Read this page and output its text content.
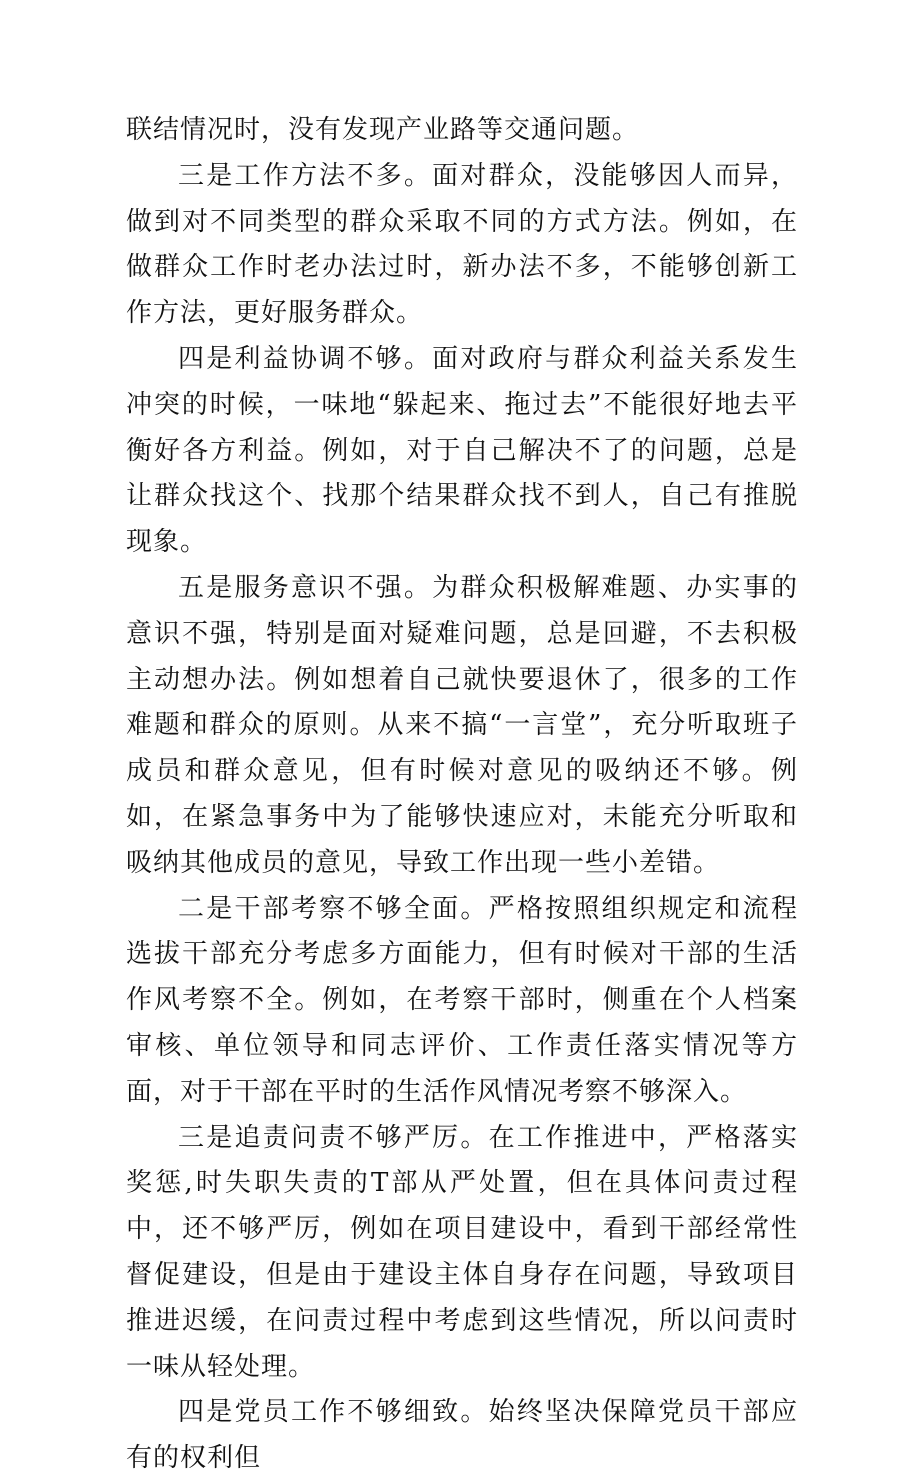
联结情况时，没有发现产业路等交通问题。

三是工作方法不多。面对群众，没能够因人而异，做到对不同类型的群众采取不同的方式方法。例如，在做群众工作时老办法过时，新办法不多，不能够创新工作方法，更好服务群众。

四是利益协调不够。面对政府与群众利益关系发生冲突的时候，一味地“躲起来、拖过去”不能很好地去平衡好各方利益。例如，对于自己解决不了的问题，总是让群众找这个、找那个结果群众找不到人，自己有推脱现象。

五是服务意识不强。为群众积极解难题、办实事的意识不强，特别是面对疑难问题，总是回避，不去积极主动想办法。例如想着自己就快要退休了，很多的工作难题和群众的原则。从来不搞“一言堂”，充分听取班子成员和群众意见，但有时候对意见的吸纳还不够。例如，在紧急事务中为了能够快速应对，未能充分听取和吸纳其他成员的意见，导致工作出现一些小差错。

二是干部考察不够全面。严格按照组织规定和流程选拔干部充分考虑多方面能力，但有时候对干部的生活作风考察不全。例如，在考察干部时，侧重在个人档案审核、单位领导和同志评价、工作责任落实情况等方面，对于干部在平时的生活作风情况考察不够深入。

三是追责问责不够严厉。在工作推进中，严格落实奖惩,时失职失责的T部从严处置，但在具体问责过程中，还不够严厉，例如在项目建设中，看到干部经常性督促建设，但是由于建设主体自身存在问题，导致项目推进迟缓，在问责过程中考虑到这些情况，所以问责时一味从轻处理。

四是党员工作不够细致。始终坚决保障党员干部应有的权利但
